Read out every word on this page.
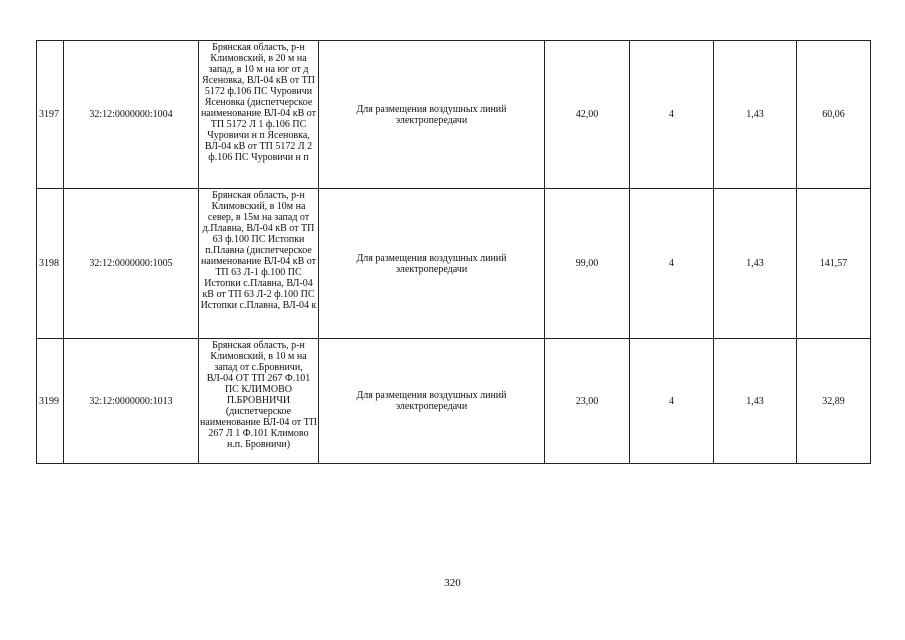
3197	32:12:0000000:1004	Брянская область, р-н Климовский, в 20 м на запад, в 10 м на юг от д Ясеновка, ВЛ-04 кВ от ТП 5172 ф.106 ПС Чуровичи Ясеновка (диспетчерское наименование ВЛ-04 кВ от ТП 5172 Л 1 ф.106 ПС Чуровичи н п Ясеновка, ВЛ-04 кВ от ТП 5172 Л 2 ф.106 ПС Чуровичи н п	Для размещения воздушных линий электропередачи	42,00	4	1,43	60,06
3198	32:12:0000000:1005	Брянская область, р-н Климовский, в 10м на север, в 15м на запад от д.Плавна, ВЛ-04 кВ от ТП 63 ф.100 ПС Истопки п.Плавна (диспетчерское наименование ВЛ-04 кВ от ТП 63 Л-1 ф.100 ПС Истопки с.Плавна, ВЛ-04 кВ от ТП 63 Л-2 ф.100 ПС Истопки с.Плавна, ВЛ-04 к	Для размещения воздушных линий электропередачи	99,00	4	1,43	141,57
3199	32:12:0000000:1013	Брянская область, р-н Климовский, в 10 м на запад от с.Бровничи, ВЛ-04 ОТ ТП 267 Ф.101 ПС КЛИМОВО П.БРОВНИЧИ (диспетчерское наименование ВЛ-04 от ТП 267 Л 1 Ф.101 Климово н.п. Бровничи)	Для размещения воздушных линий электропередачи	23,00	4	1,43	32,89
320
